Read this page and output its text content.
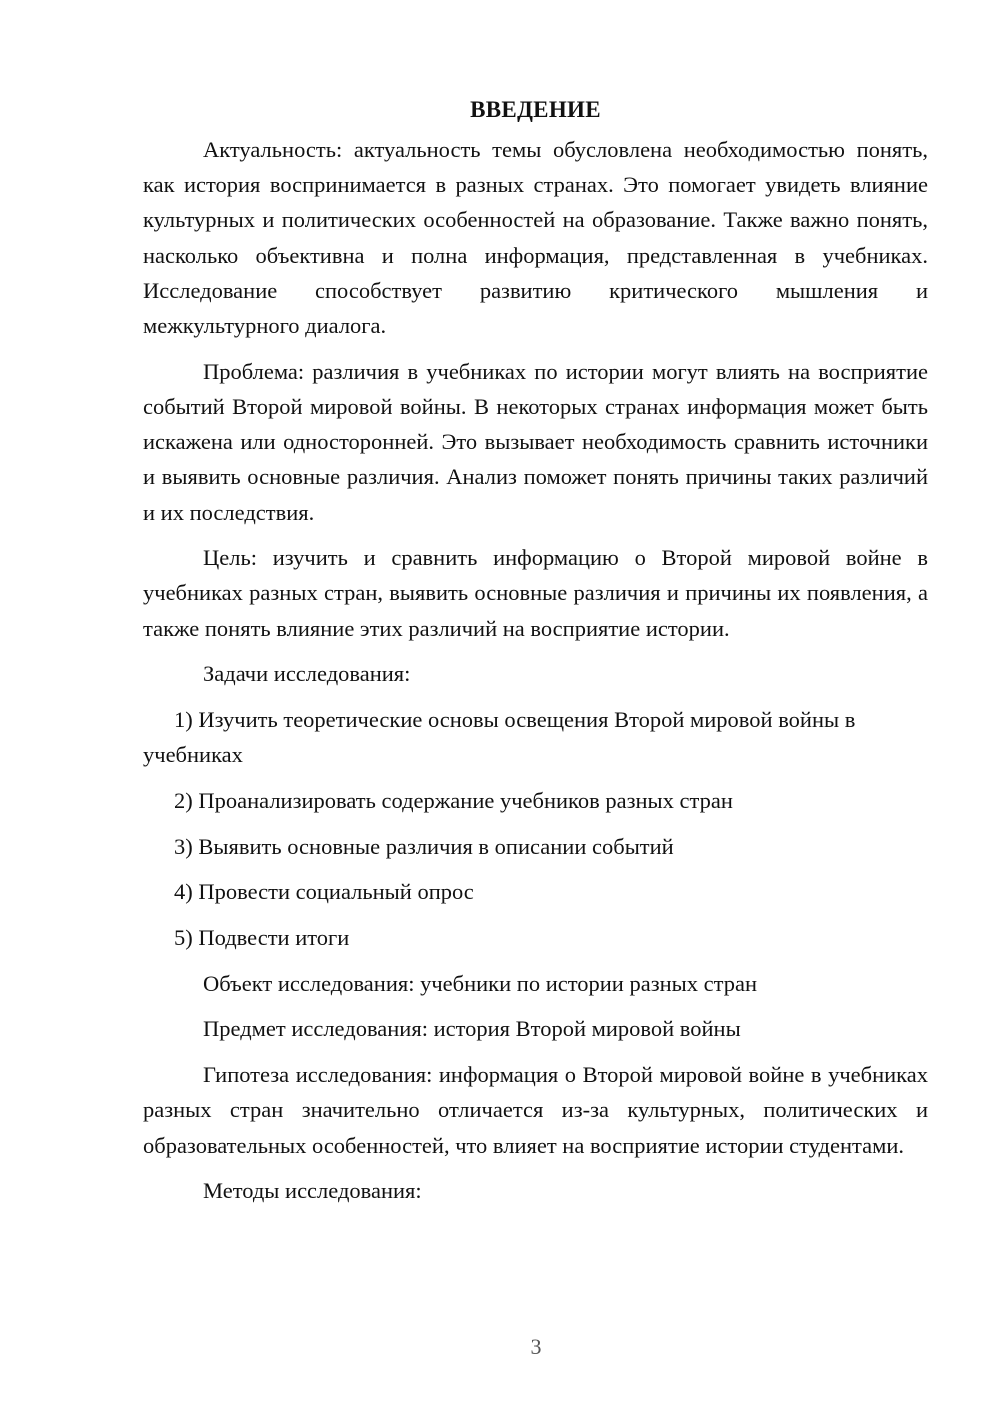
ВВЕДЕНИЕ

Актуальность: актуальность темы обусловлена необходимостью понять, как история воспринимается в разных странах. Это помогает увидеть влияние культурных и политических особенностей на образование. Также важно понять, насколько объективна и полна информация, представленная в учебниках. Исследование способствует развитию критического мышления и межкультурного диалога.

Проблема: различия в учебниках по истории могут влиять на восприятие событий Второй мировой войны. В некоторых странах информация может быть искажена или односторонней. Это вызывает необходимость сравнить источники и выявить основные различия. Анализ поможет понять причины таких различий и их последствия.

Цель: изучить и сравнить информацию о Второй мировой войне в учебниках разных стран, выявить основные различия и причины их появления, а также понять влияние этих различий на восприятие истории.

Задачи исследования:

1) Изучить теоретические основы освещения Второй мировой войны в учебниках

2) Проанализировать содержание учебников разных стран

3) Выявить основные различия в описании событий

4) Провести социальный опрос

5) Подвести итоги

Объект исследования: учебники по истории разных стран

Предмет исследования: история Второй мировой войны

Гипотеза исследования: информация о Второй мировой войне в учебниках разных стран значительно отличается из-за культурных, политических и образовательных особенностей, что влияет на восприятие истории студентами.

Методы исследования:

3
